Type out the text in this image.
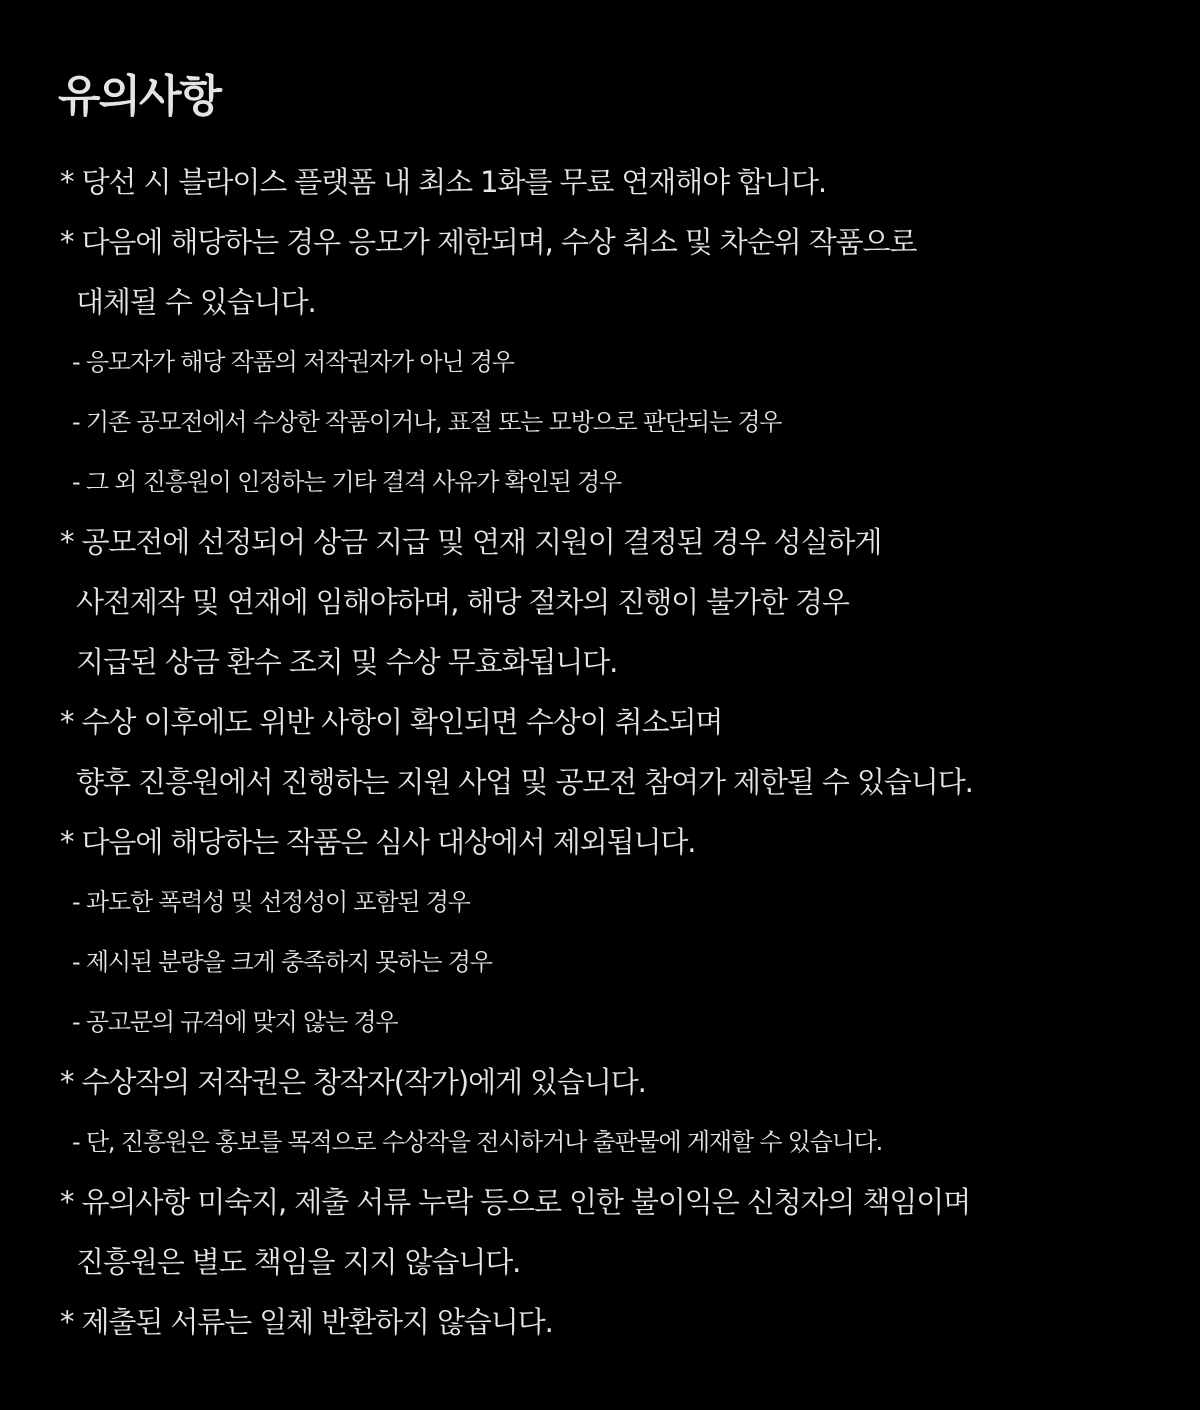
유의사항
* 당선 시 블라이스 플랫폼 내 최소 1화를 무료 연재해야 합니다.
* 다음에 해당하는 경우 응모가 제한되며, 수상 취소 및 차순위 작품으로
대체될 수 있습니다.
- 응모자가 해당 작품의 저작권자가 아닌 경우
- 기존 공모전에서 수상한 작품이거나, 표절 또는 모방으로 판단되는 경우
- 그 외 진흥원이 인정하는 기타 결격 사유가 확인된 경우
* 공모전에 선정되어 상금 지급 및 연재 지원이 결정된 경우 성실하게
사전제작 및 연재에 임해야하며, 해당 절차의 진행이 불가한 경우
지급된 상금 환수 조치 및 수상 무효화됩니다.
* 수상 이후에도 위반 사항이 확인되면 수상이 취소되며
향후 진흥원에서 진행하는 지원 사업 및 공모전 참여가 제한될 수 있습니다.
* 다음에 해당하는 작품은 심사 대상에서 제외됩니다.
- 과도한 폭력성 및 선정성이 포함된 경우
- 제시된 분량을 크게 충족하지 못하는 경우
- 공고문의 규격에 맞지 않는 경우
* 수상작의 저작권은 창작자(작가)에게 있습니다.
- 단, 진흥원은 홍보를 목적으로 수상작을 전시하거나 출판물에 게재할 수 있습니다.
* 유의사항 미숙지, 제출 서류 누락 등으로 인한 불이익은 신청자의 책임이며
진흥원은 별도 책임을 지지 않습니다.
* 제출된 서류는 일체 반환하지 않습니다.
